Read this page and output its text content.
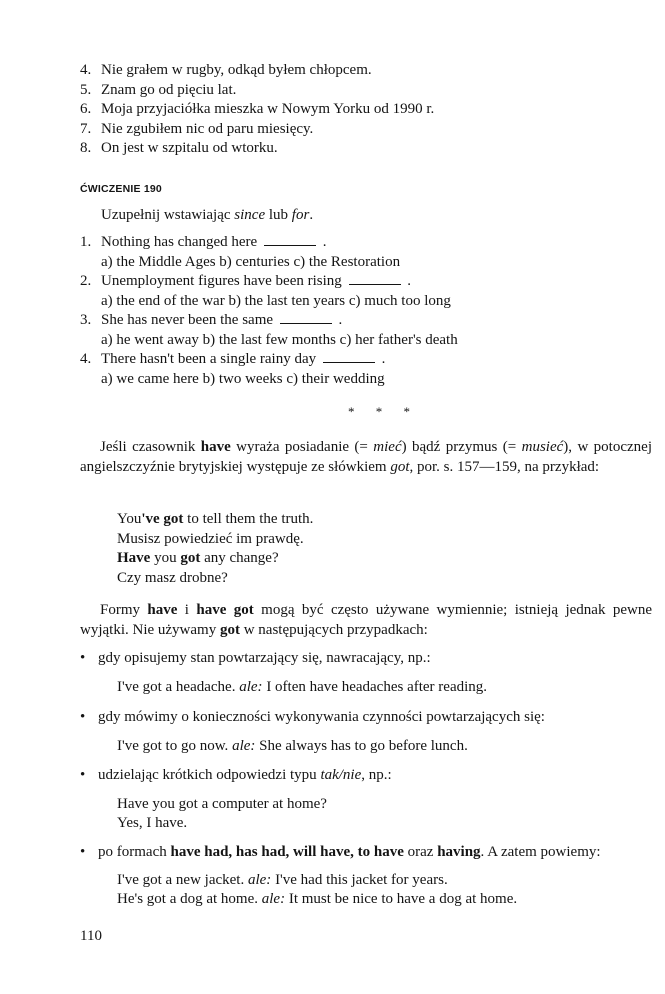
4. Nie grałem w rugby, odkąd byłem chłopcem.
5. Znam go od pięciu lat.
6. Moja przyjaciółka mieszka w Nowym Yorku od 1990 r.
7. Nie zgubiłem nic od paru miesięcy.
8. On jest w szpitalu od wtorku.
ĆWICZENIE 190
Uzupełnij wstawiając since lub for.
1. Nothing has changed here	.
a) the Middle Ages b) centuries c) the Restoration
2. Unemployment figures have been rising	.
a) the end of the war b) the last ten years c) much too long
3. She has never been the same	.
a) he went away b) the last few months c) her father's death
4. There hasn't been a single rainy day	.
a) we came here b) two weeks c) their wedding
* * *
Jeśli czasownik have wyraża posiadanie (= mieć) bądź przymus (= musieć), w potocznej angielszczyźnie brytyjskiej występuje ze słówkiem got, por. s. 157—159, na przykład:
You've got to tell them the truth.
Musisz powiedzieć im prawdę.
Have you got any change?
Czy masz drobne?
Formy have i have got mogą być często używane wymiennie; istnieją jednak pewne wyjątki. Nie używamy got w następujących przypadkach:
• gdy opisujemy stan powtarzający się, nawracający, np.:
I've got a headache. ale: I often have headaches after reading.
• gdy mówimy o konieczności wykonywania czynności powtarzających się:
I've got to go now. ale: She always has to go before lunch.
• udzielając krótkich odpowiedzi typu tak/nie, np.:
Have you got a computer at home?
Yes, I have.
• po formach have had, has had, will have, to have oraz having. A zatem powiemy:
I've got a new jacket. ale: I've had this jacket for years.
He's got a dog at home. ale: It must be nice to have a dog at home.
110
